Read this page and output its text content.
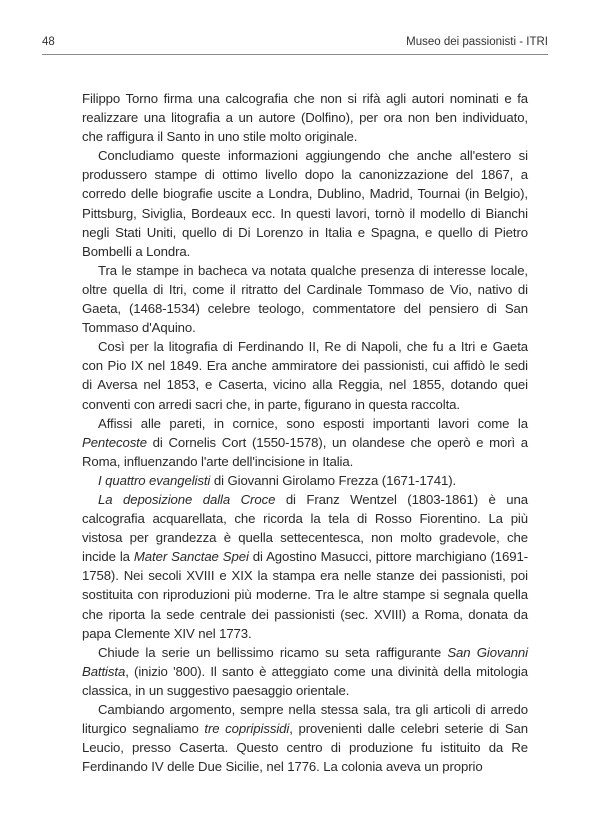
48	Museo dei passionisti - ITRI

Filippo Torno firma una calcografia che non si rifà agli autori nominati e fa realizzare una litografia a un autore (Dolfino), per ora non ben individuato, che raffigura il Santo in uno stile molto originale.

Concludiamo queste informazioni aggiungendo che anche all'estero si produssero stampe di ottimo livello dopo la canonizzazione del 1867, a corredo delle biografie uscite a Londra, Dublino, Madrid, Tournai (in Belgio), Pittsburg, Siviglia, Bordeaux ecc. In questi lavori, tornò il modello di Bianchi negli Stati Uniti, quello di Di Lorenzo in Italia e Spagna, e quello di Pietro Bombelli a Londra.

Tra le stampe in bacheca va notata qualche presenza di interesse locale, oltre quella di Itri, come il ritratto del Cardinale Tommaso de Vio, nativo di Gaeta, (1468-1534) celebre teologo, commentatore del pensiero di San Tommaso d'Aquino.

Così per la litografia di Ferdinando II, Re di Napoli, che fu a Itri e Gaeta con Pio IX nel 1849. Era anche ammiratore dei passionisti, cui affidò le sedi di Aversa nel 1853, e Caserta, vicino alla Reggia, nel 1855, dotando quei conventi con arredi sacri che, in parte, figurano in questa raccolta.

Affissi alle pareti, in cornice, sono esposti importanti lavori come la Pentecoste di Cornelis Cort (1550-1578), un olandese che operò e morì a Roma, influenzando l'arte dell'incisione in Italia.

I quattro evangelisti di Giovanni Girolamo Frezza (1671-1741).

La deposizione dalla Croce di Franz Wentzel (1803-1861) è una calcografia acquarellata, che ricorda la tela di Rosso Fiorentino. La più vistosa per grandezza è quella settecentesca, non molto gradevole, che incide la Mater Sanctae Spei di Agostino Masucci, pittore marchigiano (1691-1758). Nei secoli XVIII e XIX la stampa era nelle stanze dei passionisti, poi sostituita con riproduzioni più moderne. Tra le altre stampe si segnala quella che riporta la sede centrale dei passionisti (sec. XVIII) a Roma, donata da papa Clemente XIV nel 1773.

Chiude la serie un bellissimo ricamo su seta raffigurante San Giovanni Battista, (inizio '800). Il santo è atteggiato come una divinità della mitologia classica, in un suggestivo paesaggio orientale.

Cambiando argomento, sempre nella stessa sala, tra gli articoli di arredo liturgico segnaliamo tre copripissidi, provenienti dalle celebri seterie di San Leucio, presso Caserta. Questo centro di produzione fu istituito da Re Ferdinando IV delle Due Sicilie, nel 1776. La colonia aveva un proprio
